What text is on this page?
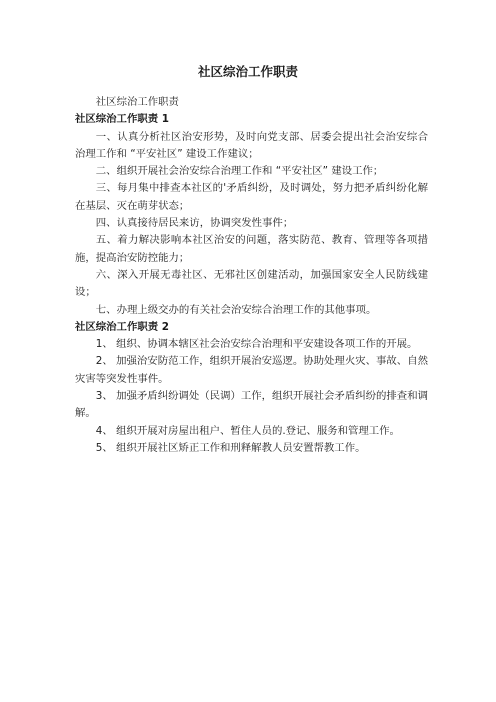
社区综治工作职责

社区综治工作职责

社区综治工作职责 1

一、认真分析社区治安形势，及时向党支部、居委会提出社会治安综合治理工作和 “平安社区” 建设工作建议；

二、组织开展社会治安综合治理工作和 “平安社区” 建设工作；

三、每月集中排查本社区的'矛盾纠纷，及时调处，努力把矛盾纠纷化解在基层、灭在萌芽状态；

四、认真接待居民来访，协调突发性事件；

五、着力解决影响本社区治安的问题，落实防范、教育、管理等各项措施，提高治安防控能力；

六、深入开展无毒社区、无邪社区创建活动，加强国家安全人民防线建设；

七、办理上级交办的有关社会治安综合治理工作的其他事项。

社区综治工作职责 2

1、 组织、协调本辖区社会治安综合治理和平安建设各项工作的开展。

2、 加强治安防范工作，组织开展治安巡逻。协助处理火灾、事故、自然灾害等突发性事件。

3、 加强矛盾纠纷调处（民调）工作，组织开展社会矛盾纠纷的排查和调解。

4、 组织开展对房屋出租户、暂住人员的.登记、服务和管理工作。

5、 组织开展社区矫正工作和刑释解教人员安置帮教工作。
